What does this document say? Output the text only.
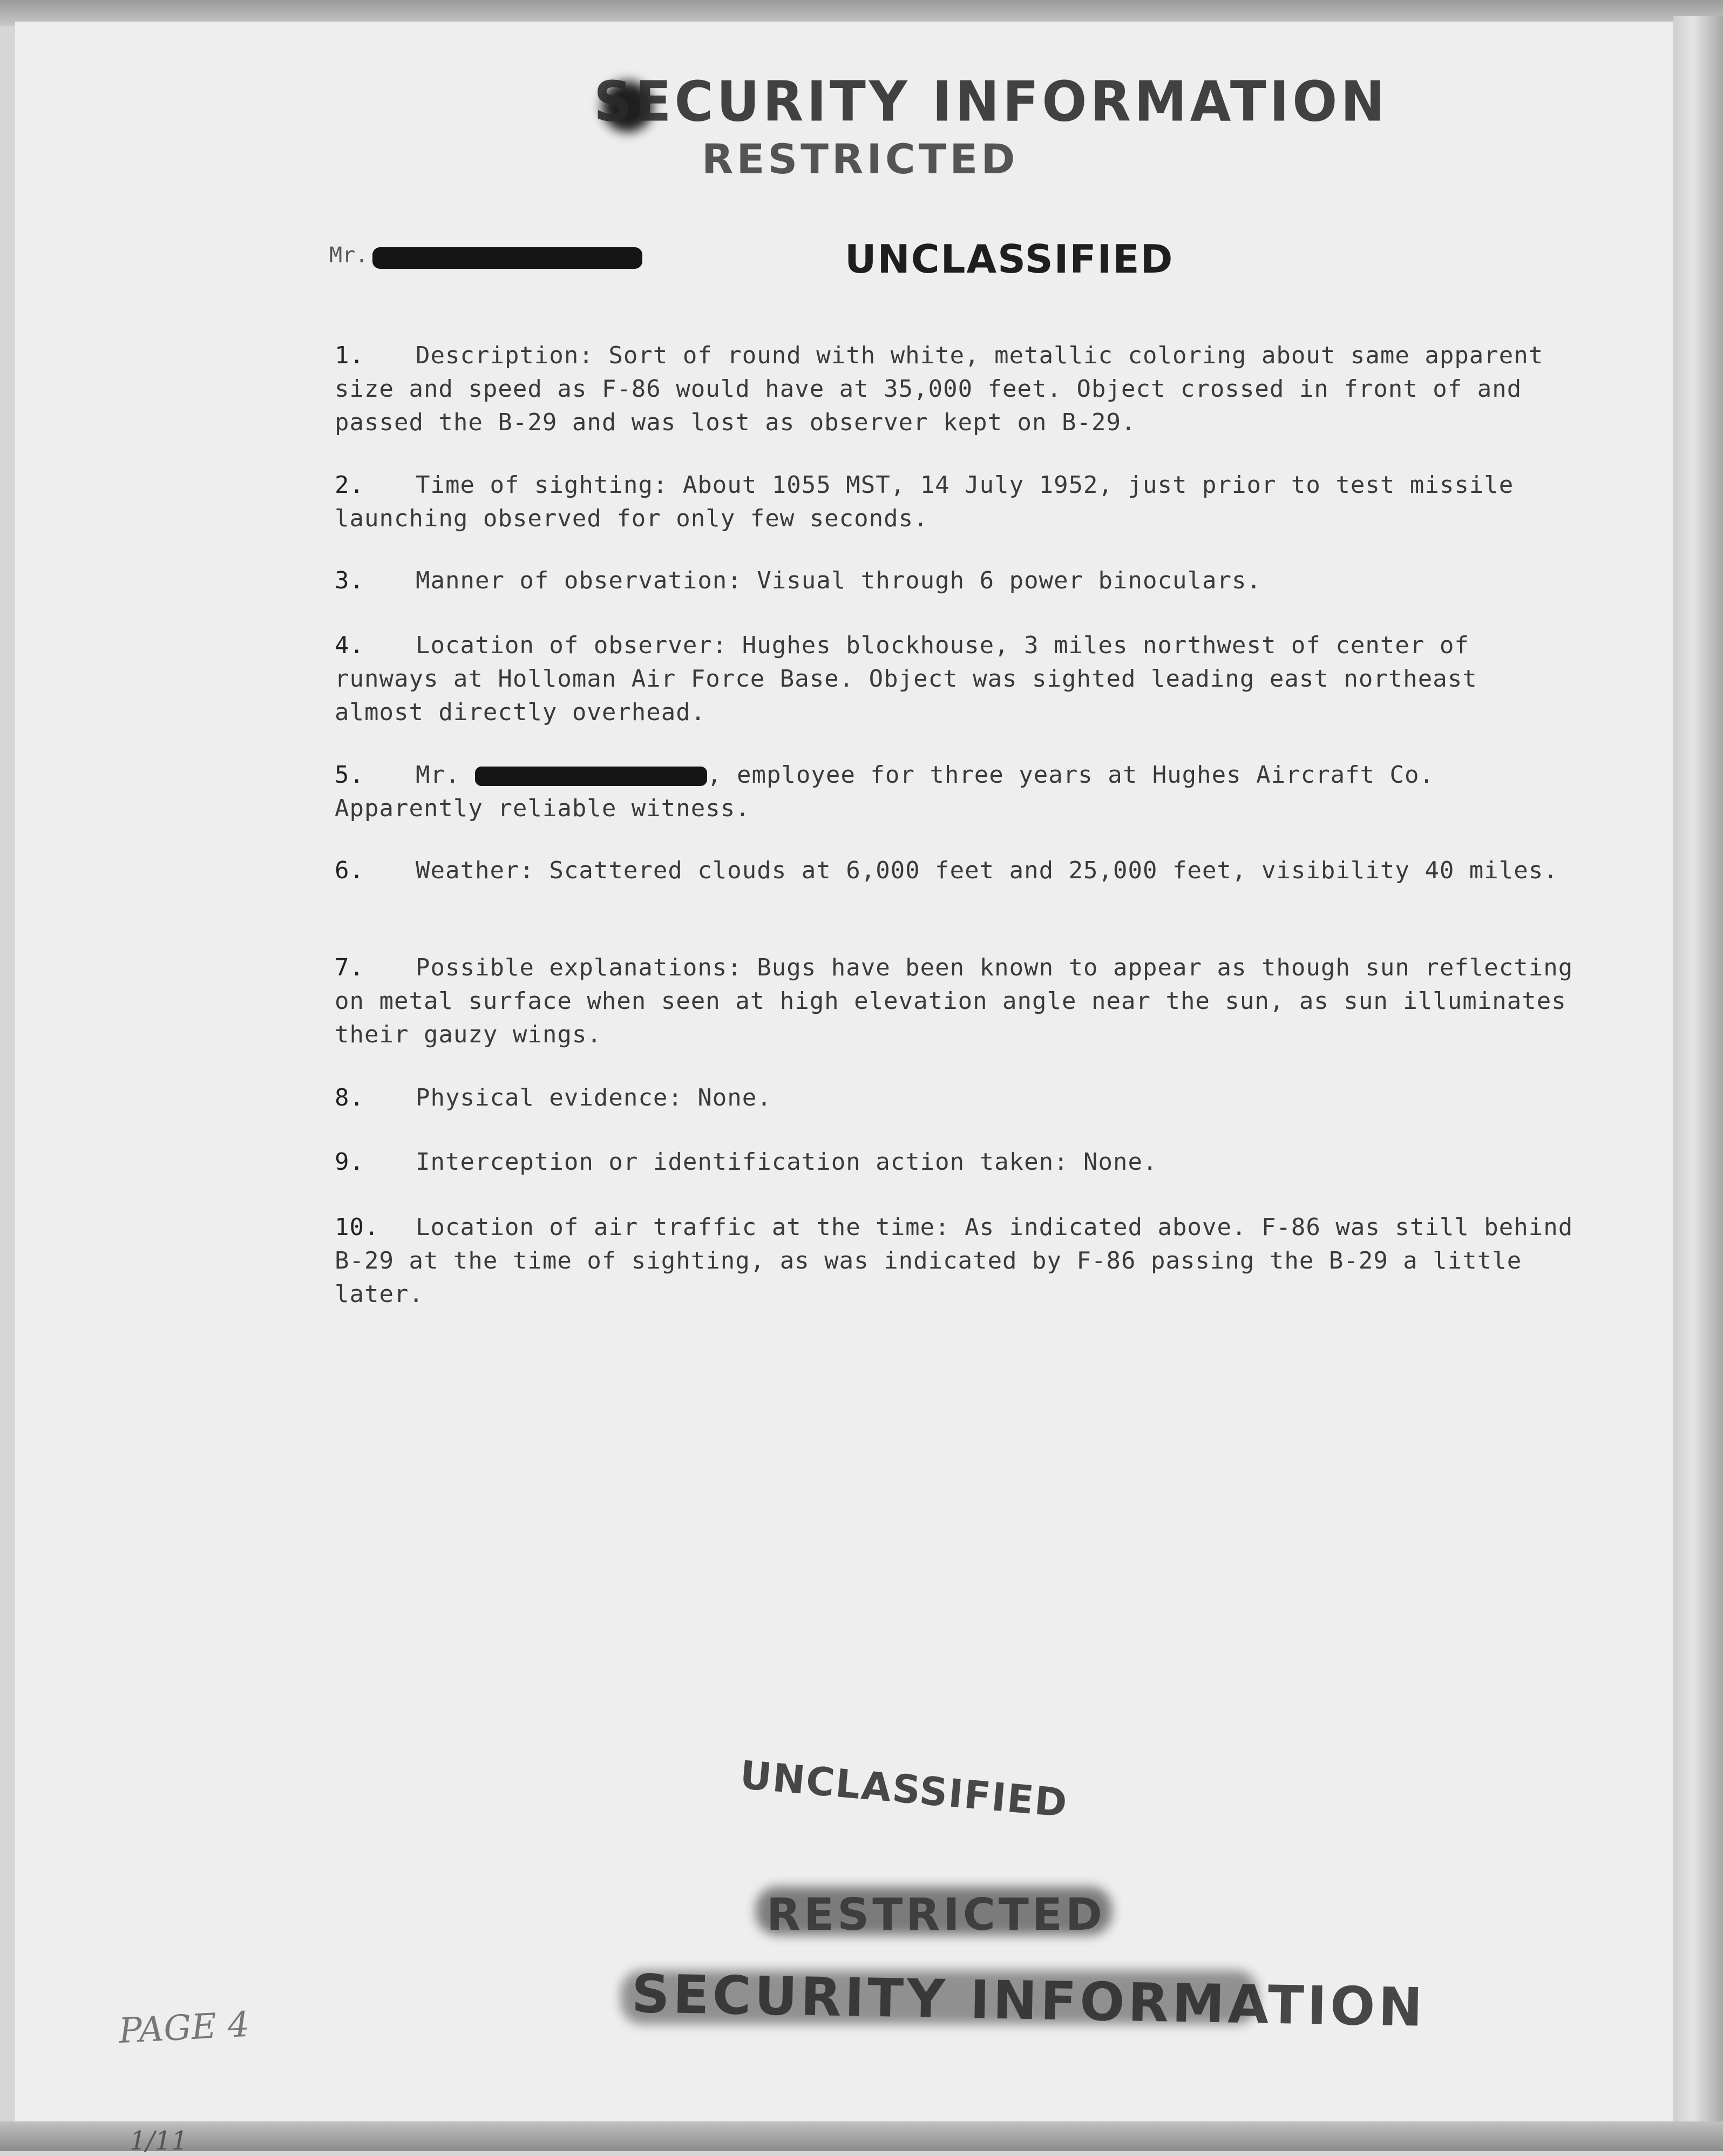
SECURITY INFORMATION
RESTRICTED
Mr.	UNCLASSIFIED
1. Description: Sort of round with white, metallic coloring about same apparent size and speed as F-86 would have at 35,000 feet. Object crossed in front of and passed the B-29 and was lost as observer kept on B-29.
2. Time of sighting: About 1055 MST, 14 July 1952, just prior to test missile launching observed for only few seconds.
3. Manner of observation: Visual through 6 power binoculars.
4. Location of observer: Hughes blockhouse, 3 miles northwest of center of runways at Holloman Air Force Base. Object was sighted leading east northeast almost directly overhead.
5. Mr.	, employee for three years at Hughes Aircraft Co. Apparently reliable witness.
6. Weather: Scattered clouds at 6,000 feet and 25,000 feet, visibility 40 miles.
7. Possible explanations: Bugs have been known to appear as though sun reflecting on metal surface when seen at high elevation angle near the sun, as sun illuminates their gauzy wings.
8. Physical evidence: None.
9. Interception or identification action taken: None.
10. Location of air traffic at the time: As indicated above. F-86 was still behind B-29 at the time of sighting, as was indicated by F-86 passing the B-29 a little later.
UNCLASSIFIED
RESTRICTED
SECURITY INFORMATION
PAGE 4
1/11
